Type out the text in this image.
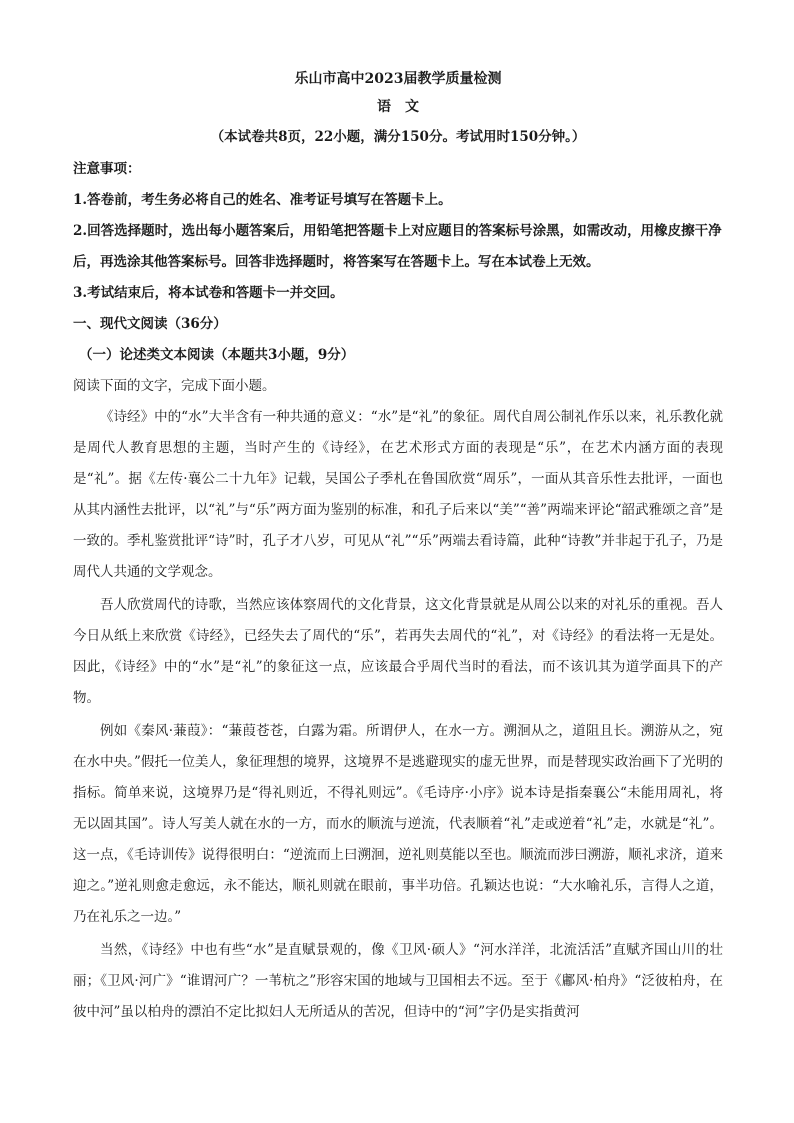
乐山市高中2023届教学质量检测
语文
（本试卷共8页，22小题，满分150分。考试用时150分钟。）

注意事项：

1.答卷前，考生务必将自己的姓名、准考证号填写在答题卡上。

2.回答选择题时，选出每小题答案后，用铅笔把答题卡上对应题目的答案标号涂黑，如需改动，用橡皮擦干净后，再选涂其他答案标号。回答非选择题时，将答案写在答题卡上。写在本试卷上无效。

3.考试结束后，将本试卷和答题卡一并交回。

一、现代文阅读（36分）

（一）论述类文本阅读（本题共3小题，9分）

阅读下面的文字，完成下面小题。

《诗经》中的“水”大半含有一种共通的意义：“水”是“礼”的象征。周代自周公制礼作乐以来，礼乐教化就是周代人教育思想的主题，当时产生的《诗经》，在艺术形式方面的表现是“乐”，在艺术内涵方面的表现是“礼”。据《左传·襄公二十九年》记载，吴国公子季札在鲁国欣赏“周乐”，一面从其音乐性去批评，一面也从其内涵性去批评，以“礼”与“乐”两方面为鉴别的标准，和孔子后来以“美”“善”两端来评论“韶武雅颂之音”是一致的。季札鉴赏批评“诗”时，孔子才八岁，可见从“礼”“乐”两端去看诗篇，此种“诗教”并非起于孔子，乃是周代人共通的文学观念。

吾人欣赏周代的诗歌，当然应该体察周代的文化背景，这文化背景就是从周公以来的对礼乐的重视。吾人今日从纸上来欣赏《诗经》，已经失去了周代的“乐”，若再失去周代的“礼”，对《诗经》的看法将一无是处。因此，《诗经》中的“水”是“礼”的象征这一点，应该最合乎周代当时的看法，而不该讥其为道学面具下的产物。

例如《秦风·蒹葭》：“蒹葭苍苍，白露为霜。所谓伊人，在水一方。溯洄从之，道阻且长。溯游从之，宛在水中央。”假托一位美人，象征理想的境界，这境界不是逃避现实的虚无世界，而是替现实政治画下了光明的指标。简单来说，这境界乃是“得礼则近，不得礼则远”。《毛诗序·小序》说本诗是指秦襄公“未能用周礼，将无以固其国”。诗人写美人就在水的一方，而水的顺流与逆流，代表顺着“礼”走或逆着“礼”走，水就是“礼”。这一点，《毛诗训传》说得很明白：“逆流而上曰溯洄，逆礼则莫能以至也。顺流而涉曰溯游，顺礼求济，道来迎之。”逆礼则愈走愈远，永不能达，顺礼则就在眼前，事半功倍。孔颖达也说：“大水喻礼乐，言得人之道，乃在礼乐之一边。”

当然，《诗经》中也有些“水”是直赋景观的，像《卫风·硕人》“河水洋洋，北流活活”直赋齐国山川的壮丽；《卫风·河广》“谁谓河广？一苇杭之”形容宋国的地域与卫国相去不远。至于《鄘风·柏舟》“泛彼柏舟，在彼中河”虽以柏舟的漂泊不定比拟妇人无所适从的苦况，但诗中的“河”字仍是实指黄河
